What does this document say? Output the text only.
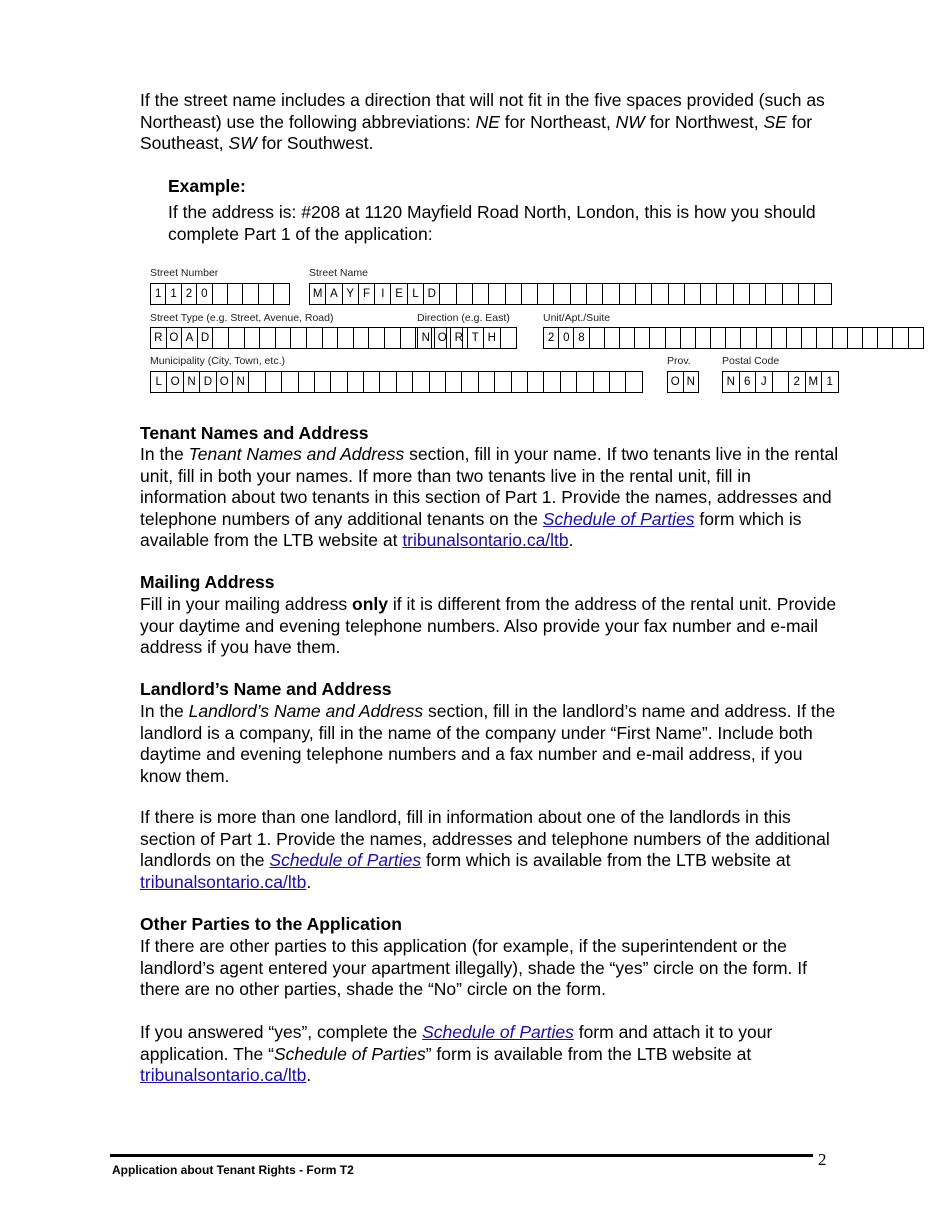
If the street name includes a direction that will not fit in the five spaces provided (such as Northeast) use the following abbreviations: NE for Northeast, NW for Northwest, SE for Southeast, SW for Southwest.

Example:

If the address is: #208 at 1120 Mayfield Road North, London, this is how you should complete Part 1 of the application:

Street Number
1 1 2 0
Street Name
M A Y F I E L D
Street Type (e.g. Street, Avenue, Road)
R O A D
Direction (e.g. East)
N O R T H
Unit/Apt./Suite
2 0 8
Municipality (City, Town, etc.)
L O N D O N
Prov.
O N
Postal Code
N 6 J	2 M 1

Tenant Names and Address

In the Tenant Names and Address section, fill in your name. If two tenants live in the rental unit, fill in both your names. If more than two tenants live in the rental unit, fill in information about two tenants in this section of Part 1. Provide the names, addresses and telephone numbers of any additional tenants on the Schedule of Parties form which is available from the LTB website at tribunalsontario.ca/ltb.

Mailing Address

Fill in your mailing address only if it is different from the address of the rental unit. Provide your daytime and evening telephone numbers. Also provide your fax number and e-mail address if you have them.

Landlord’s Name and Address

In the Landlord’s Name and Address section, fill in the landlord’s name and address. If the landlord is a company, fill in the name of the company under “First Name”. Include both daytime and evening telephone numbers and a fax number and e-mail address, if you know them.

If there is more than one landlord, fill in information about one of the landlords in this section of Part 1. Provide the names, addresses and telephone numbers of the additional landlords on the Schedule of Parties form which is available from the LTB website at tribunalsontario.ca/ltb.

Other Parties to the Application

If there are other parties to this application (for example, if the superintendent or the landlord’s agent entered your apartment illegally), shade the “yes” circle on the form. If there are no other parties, shade the “No” circle on the form.

If you answered “yes”, complete the Schedule of Parties form and attach it to your application. The “Schedule of Parties” form is available from the LTB website at tribunalsontario.ca/ltb.

Application about Tenant Rights - Form T2
2
